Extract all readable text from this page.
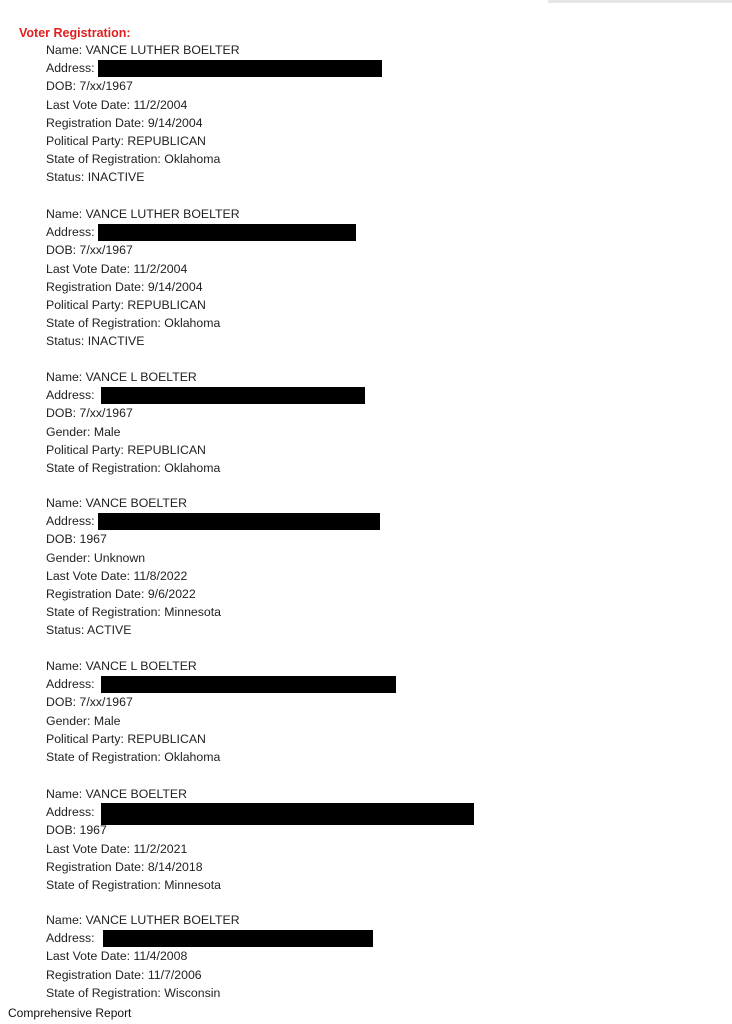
Voter Registration:
Name: VANCE LUTHER BOELTER
Address:
DOB: 7/xx/1967
Last Vote Date: 11/2/2004
Registration Date: 9/14/2004
Political Party: REPUBLICAN
State of Registration: Oklahoma
Status: INACTIVE
Name: VANCE LUTHER BOELTER
Address:
DOB: 7/xx/1967
Last Vote Date: 11/2/2004
Registration Date: 9/14/2004
Political Party: REPUBLICAN
State of Registration: Oklahoma
Status: INACTIVE
Name: VANCE L BOELTER
Address:
DOB: 7/xx/1967
Gender: Male
Political Party: REPUBLICAN
State of Registration: Oklahoma
Name: VANCE BOELTER
Address:
DOB: 1967
Gender: Unknown
Last Vote Date: 11/8/2022
Registration Date: 9/6/2022
State of Registration: Minnesota
Status: ACTIVE
Name: VANCE L BOELTER
Address:
DOB: 7/xx/1967
Gender: Male
Political Party: REPUBLICAN
State of Registration: Oklahoma
Name: VANCE BOELTER
Address:
DOB: 1967
Last Vote Date: 11/2/2021
Registration Date: 8/14/2018
State of Registration: Minnesota
Name: VANCE LUTHER BOELTER
Address:
Last Vote Date: 11/4/2008
Registration Date: 11/7/2006
State of Registration: Wisconsin
Comprehensive Report
